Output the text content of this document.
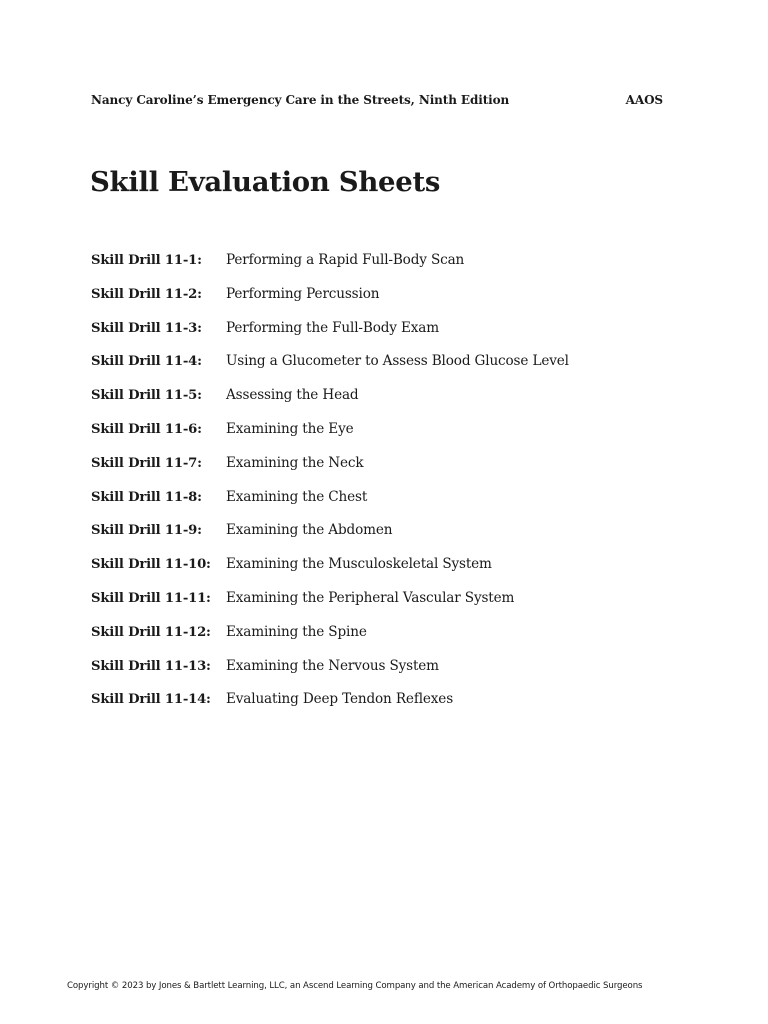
Nancy Caroline’s Emergency Care in the Streets, Ninth Edition	AAOS
Skill Evaluation Sheets
Skill Drill 11-1:	Performing a Rapid Full-Body Scan
Skill Drill 11-2:	Performing Percussion
Skill Drill 11-3:	Performing the Full-Body Exam
Skill Drill 11-4:	Using a Glucometer to Assess Blood Glucose Level
Skill Drill 11-5:	Assessing the Head
Skill Drill 11-6:	Examining the Eye
Skill Drill 11-7:	Examining the Neck
Skill Drill 11-8:	Examining the Chest
Skill Drill 11-9:	Examining the Abdomen
Skill Drill 11-10:	Examining the Musculoskeletal System
Skill Drill 11-11:	Examining the Peripheral Vascular System
Skill Drill 11-12:	Examining the Spine
Skill Drill 11-13:	Examining the Nervous System
Skill Drill 11-14:	Evaluating Deep Tendon Reflexes
Copyright © 2023 by Jones & Bartlett Learning, LLC, an Ascend Learning Company and the American Academy of Orthopaedic Surgeons
